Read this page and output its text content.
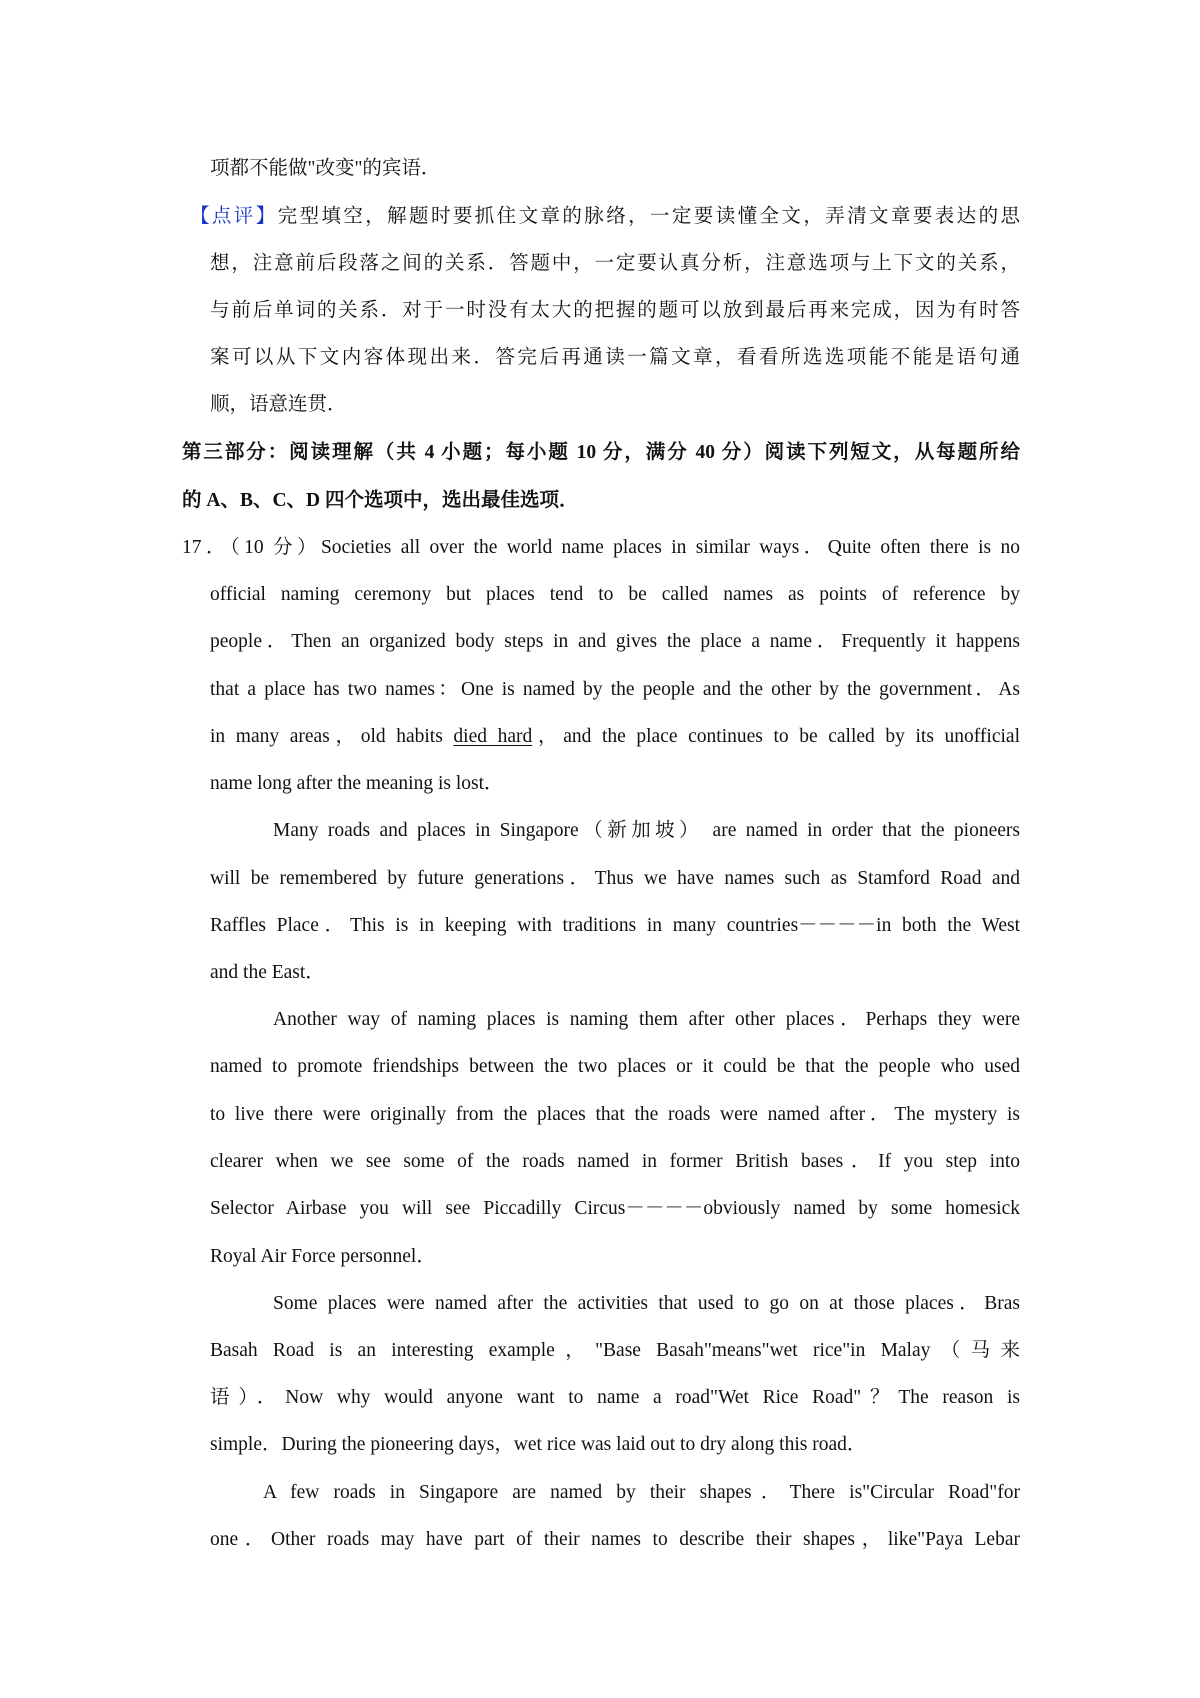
项都不能做"改变"的宾语．
【点评】完型填空，解题时要抓住文章的脉络，一定要读懂全文，弄清文章要表达的思
想，注意前后段落之间的关系．答题中，一定要认真分析，注意选项与上下文的关系，
与前后单词的关系．对于一时没有太大的把握的题可以放到最后再来完成，因为有时答
案可以从下文内容体现出来．答完后再通读一篇文章，看看所选选项能不能是语句通
顺，语意连贯．
第三部分：阅读理解（共 4 小题；每小题 10 分，满分 40 分）阅读下列短文，从每题所给
的 A、B、C、D 四个选项中，选出最佳选项．
17．（10 分）Societies all over the world name places in similar ways．Quite often there is no
official naming ceremony but places tend to be called names as points of reference by
people．Then an organized body steps in and gives the place a name．Frequently it happens
that a place has two names：One is named by the people and the other by the government．As
in many areas，old habits died hard，and the place continues to be called by its unofficial
name long after the meaning is lost．
Many roads and places in Singapore（新加坡） are named in order that the pioneers
will be remembered by future generations．Thus we have names such as Stamford Road and
Raffles Place．This is in keeping with traditions in many countries－－－－in both the West
and the East．
Another way of naming places is naming them after other places．Perhaps they were
named to promote friendships between the two places or it could be that the people who used
to live there were originally from the places that the roads were named after．The mystery is
clearer when we see some of the roads named in former British bases．If you step into
Selector Airbase you will see Piccadilly Circus－－－－obviously named by some homesick
Royal Air Force personnel．
Some places were named after the activities that used to go on at those places．Bras
Basah Road is an interesting example，"Base Basah"means"wet rice"in Malay（马来
语）．Now why would anyone want to name a road"Wet Rice Road"？The reason is
simple．During the pioneering days，wet rice was laid out to dry along this road．
A few roads in Singapore are named by their shapes．There is"Circular Road"for
one．Other roads may have part of their names to describe their shapes，like"Paya Lebar
